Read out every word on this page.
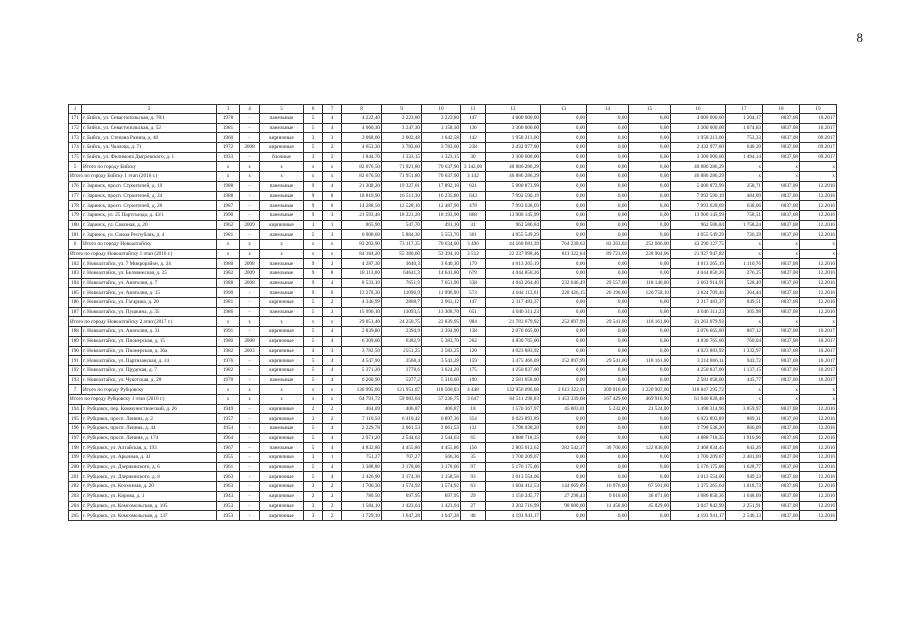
8
1	2	3	4	5	6	7	8	9	10	11	12	13	14	15	16	17	18	19
171	г. Бийск, ул. Севастопольская, д. 78/1	1978	-	панельные	5	4	4 222,40	3 223,80	3 223,80	147	4 000 000,00	0,00	0,00	0,00	4 000 000,00	1 204,17	8837,08	10.2017
172	г. Бийск, ул. Севастопольская, д. 52	1981	-	панельные	5	4	4 060,30	3 247,30	3 158,30	136	3 300 000,00	0,00	0,00	0,00	3 300 000,00	1 074,83	8837,08	10.2017
173	г. Бийск, ул. Степана Разина, д. 40	1960	-	кирпичные	3	3	3 068,00	2 602,48	1 642,58	142	1 958 213,00	0,00	0,00	0,00	1 958 213,00	753,33	8837,08	09.2017
174	г. Бийск, ул. Чкалова, д. 71	1972	2008	кирпичные	5	2	4 653,30	3 783,60	3 783,60	238	2 432 977,00	0,00	0,00	0,00	2 432 977,00	640,39	8837,08	09.2017
175	г. Бийск, ул. Филимона Дыгровского, д. 1	1933	-	блочные	3	2	1 844,70	1 333,15	1 323,15	30	3 300 000,00	0,00	0,00	0,00	3 300 000,00	1 494,14	8837,08	09.2017
5	Итого по городу Бийску	x	x	x	x	x	82 676,50	71 921,80	70 637,90	3 142,00	40 886 286,29	0,00	0,00	0,00	40 886 286,29	x	x	x
Итого по городу Бийску 1 этап (2016 г.)		x	x	x	x	x	82 676,50	71 951,80	70 637,90	3 142	40 886 286,29	0,00	0,00	0,00	40 886 286,29	x	x	x
176	г. Заринск, просп. Строителей, д. 19	1988	-	панельные	9	4	21 308,20	19 327,01	17 892,10	821	5 000 873,99	0,00	0,00	0,00	5 000 873,99	258,71	8837,08	12.2016
177	г. Заринск, просп. Строителей, д. 24	1988	-	панельные	9	8	18 819,90	16 511,30	16 235,80	643	7 992 590,19	0,00	0,00	0,00	7 992 590,19	484,09	8837,08	12.2016
178	г. Заринск, просп. Строителей, д. 26	1987	-	панельные	9	6	14 288,50	12 528,10	12 487,90	478	7 993 628,69	0,00	0,00	0,00	7 993 628,69	638,06	8837,08	12.2016
179	г. Заринск, ул. 25 Партсъезда, д. 43/1	1990	-	панельные	9	3	21 593,40	18 321,20	18 193,90	868	13 900 145,99	0,00	0,00	0,00	13 900 145,99	758,51	8837,08	12.2016
180	г. Заринск, ул. Союзная, д. 20	1962	2009	кирпичные	3	1	865,90	547,70	491,10	31	962 586,84	0,00	0,00	0,00	962 586,84	1 758,24	8837,08	12.2016
181	г. Заринск, ул. Союза Республик, д. 4	1981	-	панельные	5	3	6 908,60	5 884,30	5 553,70	301	4 055 549,29	0,00	0,00	0,00	4 055 549,29	726,39	8837,08	12.2016
6	Итого по городу Новоалтайску	x	x	x	x	x	83 203,90	73 117,35	70 634,00	3 496	44 560 681,39	764 230,63	82 263,02	252 066,00	43 290 127,75	x	x	x
Итого по городу Новоалтайску 1 этап (2016 г.)		x	x	x	x	x	84 184,20	55 380,60	52 394,10	3 512	22 237 998,46	811 322,64	89 723,09	228 904,06	21 927 947,82	x	x	x
182	г. Новоалтайск, ул. 7 Микрорайон, д. 34	1980	2008	панельные	9	2	4 287,30	3640,3	3 640,30	179	4 013 265,19	0,00	0,00	0,00	4 013 265,19	1 110,76	8837,08	12.2016
183	г. Новоалтайск, ул. Беловежская, д. 25	1982	2009	панельные	9	8	18 113,00	64641,3	14 641,80	679	4 044 850,26	0,00	0,00	0,00	4 044 850,26	276,25	8837,08	12.2016
184	г. Новоалтайск, ул. Анатолия, д. 7	1988	2008	панельные	9	4	8 533,10	7651,9	7 651,90	338	4 043 264,40	232 646,49	29 557,00	118 146,00	3 663 914,91	528,40	8837,08	12.2016
185	г. Новоалтайск, ул. Анатолия, д. 15	1990	-	панельные	9	6	13 278,30	11096,9	11 096,90	573	4 044 113,61	228 426,15	20 190,00	120 758,10	3 824 709,46	364,44	8837,08	12.2016
186	г. Новоалтайск, ул. Гагарина, д. 20	1981	-	кирпичные	5	2	4 346,99	2868,7	2 963,12	147	2 317 483,37	0,00	0,00	0,00	2 317 483,37	849,51	8837,08	12.2016
187	г. Новоалтайск, ул. Пушкина, д. 35	1986	-	панельные	5	2	15 996,10	13093,5	13 308,70	651	4 046 311,23	0,00	0,00	0,00	4 046 311,23	305,98	8837,08	12.2016
Итого по городу Новоалтайску 2 этап (2017 г.)		x	x	x	x	x	29 051,40	24 250,75	22 839,95	984	21 783 679,92	252 897,99	29 541,00	118 161,00	21 263 079,93	x	x	x
188	г. Новоалтайск, ул. Анатолия, д. 31	1991	-	кирпичные	5	4	2 839,80	2394,9	2 394,90	138	2 076 665,00	0,00	0,00	0,00	2 076 665,00	867,12	8837,08	10.2017
189	г. Новоалтайск, ул. Пионерская, д. 15	1980	2008	кирпичные	5	4	6 309,00	6382,9	5 383,70	262	4 830 765,00	0,00	0,00	0,00	4 830 765,00	760,04	8837,08	10.2017
190	г. Новоалтайск, ул. Пионерская, д. 36а	1982	2003	кирпичные	4	3	3 782,50	2551,25	2 583,25	120	4 023 883,92	0,00	0,00	0,00	4 023 883,92	1 332,97	8837,08	10.2017
191	г. Новоалтайск, ул. Партизанская, д. 14	1976	-	кирпичные	5	4	4 547,90	3568,4	3 543,28	159	3 475 466,09	252 897,99	29 541,00	118 161,00	3 214 866,11	943,72	8837,08	10.2017
192	г. Новоалтайск, ул. Прудская, д. 7	1982	-	кирпичные	5	4	5 371,20	3778,6	3 624,20	175	4 250 837,00	0,00	0,00	0,00	4 250 837,00	1 137,15	8837,08	10.2017
193	г. Новоалтайск, ул. Чукотская, д. 28	1970	-	панельные	5	4	6 260,90	5277,2	5 310,60	190	2 581 058,00	0,00	0,00	0,00	2 581 058,00	445,77	8837,08	10.2017
7	Итого по городу Рубцовску	x	x	x	x	x	130 995,00	121 951,07	118 560,03	4 448	132 956 096,08	2 613 322,11	309 010,00	1 220 907,00	118 847 295,72	x	x	x
Итого по городу Рубцовску 1 этап (2016 г.)		x	x	x	x	x	64 791,72	59 983,64	57 236,75	3 647	64 511 298,03	1 453 339,68	167 429,00	469 916,90	61 946 828,40	x	x	x
194	г. Рубцовск, пер. Коммунистический, д. 26	1949	-	кирпичные	2	2	464,09	406,87	406,87	18	1 570 367,97	45 003,01	5 232,00	21 524,00	1 498 314,96	3 859,97	8837,08	12.2016
195	г. Рубцовск, просп. Ленина, д. 2	1957	-	кирпичные	3	2	7 110,50	6 410,42	6 897,36	354	6 023 893,89	0,00	0,00	0,00	6 023 893,89	889,31	8837,08	12.2016
196	г. Рубцовск, просп. Ленина, д. 44	1954	-	панельные	5	4	2 229,78	2 061,53	2 061,53	131	1 798 038,20	0,00	0,00	0,00	1 798 538,20	866,09	8837,08	12.2016
197	г. Рубцовск, просп. Ленина, д. 174	1964	-	кирпичные	5	4	2 971,20	2 544,63	2 544,63	65	4 888 718,35	0,00	0,00	0,00	4 888 718,35	1 916,96	8837,08	12.2016
198	г. Рубцовск, ул. Алтайская, д. 193	1967	-	панельные	5	4	4 832,80	4 455,86	4 455,86	156	2 805 012,62	282 542,37	30 700,00	122 836,00	2 468 834,45	643,26	8837,08	12.2016
199	г. Рубцовск, ул. Арычная, д. 31	1955	-	кирпичные	3	1	751,27	707,27	566,36	35	1 700 209,67	0,00	0,00	0,00	1 700 209,67	2 401,69	8837,08	12.2016
200	г. Рубцовск, ул. Дзержинского, д. 6	1961	-	кирпичные	5	4	3 388,80	3 178,06	3 178,06	97	5 176 175,06	0,00	0,00	0,00	5 176 175,06	1 628,77	8837,08	12.2016
201	г. Рубцовск, ул. Дзержинского, д. 8	1963	-	кирпичные	5	4	3 426,90	3 174,36	3 158,56	93	3 013 554,06	0,00	0,00	0,00	3 013 554,06	949,33	8837,08	12.2016
202	г. Рубцовск, ул. Колхозная, д. 20	1963	-	кирпичные	3	2	1 706,30	1 574,92	1 574,92	63	1 604 412,53	144 669,89	16 976,00	67 501,00	1 375 265,64	1 018,73	8837,08	12.2016
203	г. Рубцовск, ул. Кирова, д. 1	1943	-	кирпичные	2	2	780,50	697,95	697,95	29	1 150 245,77	27 298,43	9 018,00	36 071,00	1 086 858,36	1 648,09	8837,08	12.2016
204	г. Рубцовск, ул. Комсомольская, д. 105	1953	-	кирпичные	3	2	1 584,10	1 423,04	1 423,04	27	3 202 716,99	98 080,00	11 458,00	45 829,00	3 047 842,99	2 251,91	8837,08	12.2016
205	г. Рубцовск, ул. Комсомольская, д. 137	1953	-	кирпичные	3	2	1 729,10	1 647,28	1 647,28	48	4 193 941,17	0,00	0,00	0,00	4 193 941,17	2 546,13	8837,08	12.2016
